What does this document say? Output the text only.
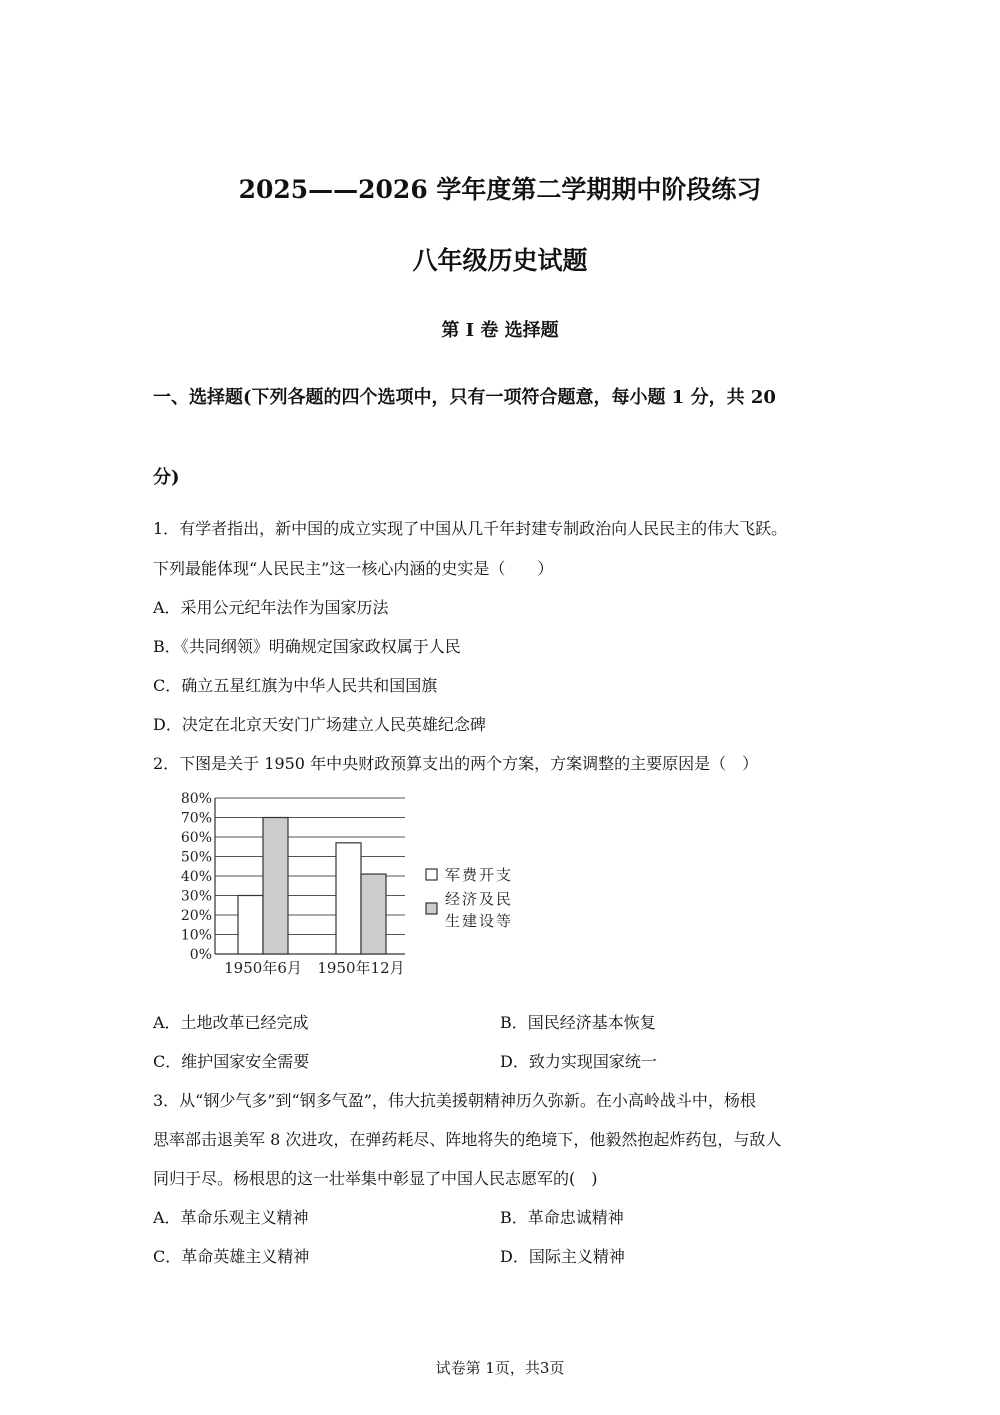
2025——2026 学年度第二学期期中阶段练习
八年级历史试题
第 I 卷 选择题
一、选择题(下列各题的四个选项中，只有一项符合题意，每小题 1 分，共 20
分)
1．有学者指出，新中国的成立实现了中国从几千年封建专制政治向人民民主的伟大飞跃。
下列最能体现“人民民主”这一核心内涵的史实是（　　）
A．采用公元纪年法作为国家历法
B．《共同纲领》明确规定国家政权属于人民
C．确立五星红旗为中华人民共和国国旗
D．决定在北京天安门广场建立人民英雄纪念碑
2．下图是关于 1950 年中央财政预算支出的两个方案，方案调整的主要原因是（　）
0%
10%
20%
30%
40%
50%
60%
70%
80%
1950年6月 1950年12月
军费开支
经济及民
生建设等
A．土地改革已经完成	B．国民经济基本恢复
C．维护国家安全需要	D．致力实现国家统一
3．从“钢少气多”到“钢多气盈”，伟大抗美援朝精神历久弥新。在小高岭战斗中，杨根
思率部击退美军 8 次进攻，在弹药耗尽、阵地将失的绝境下，他毅然抱起炸药包，与敌人
同归于尽。杨根思的这一壮举集中彰显了中国人民志愿军的(　)
A．革命乐观主义精神	B．革命忠诚精神
C．革命英雄主义精神	D．国际主义精神
试卷第 1页，共3页
